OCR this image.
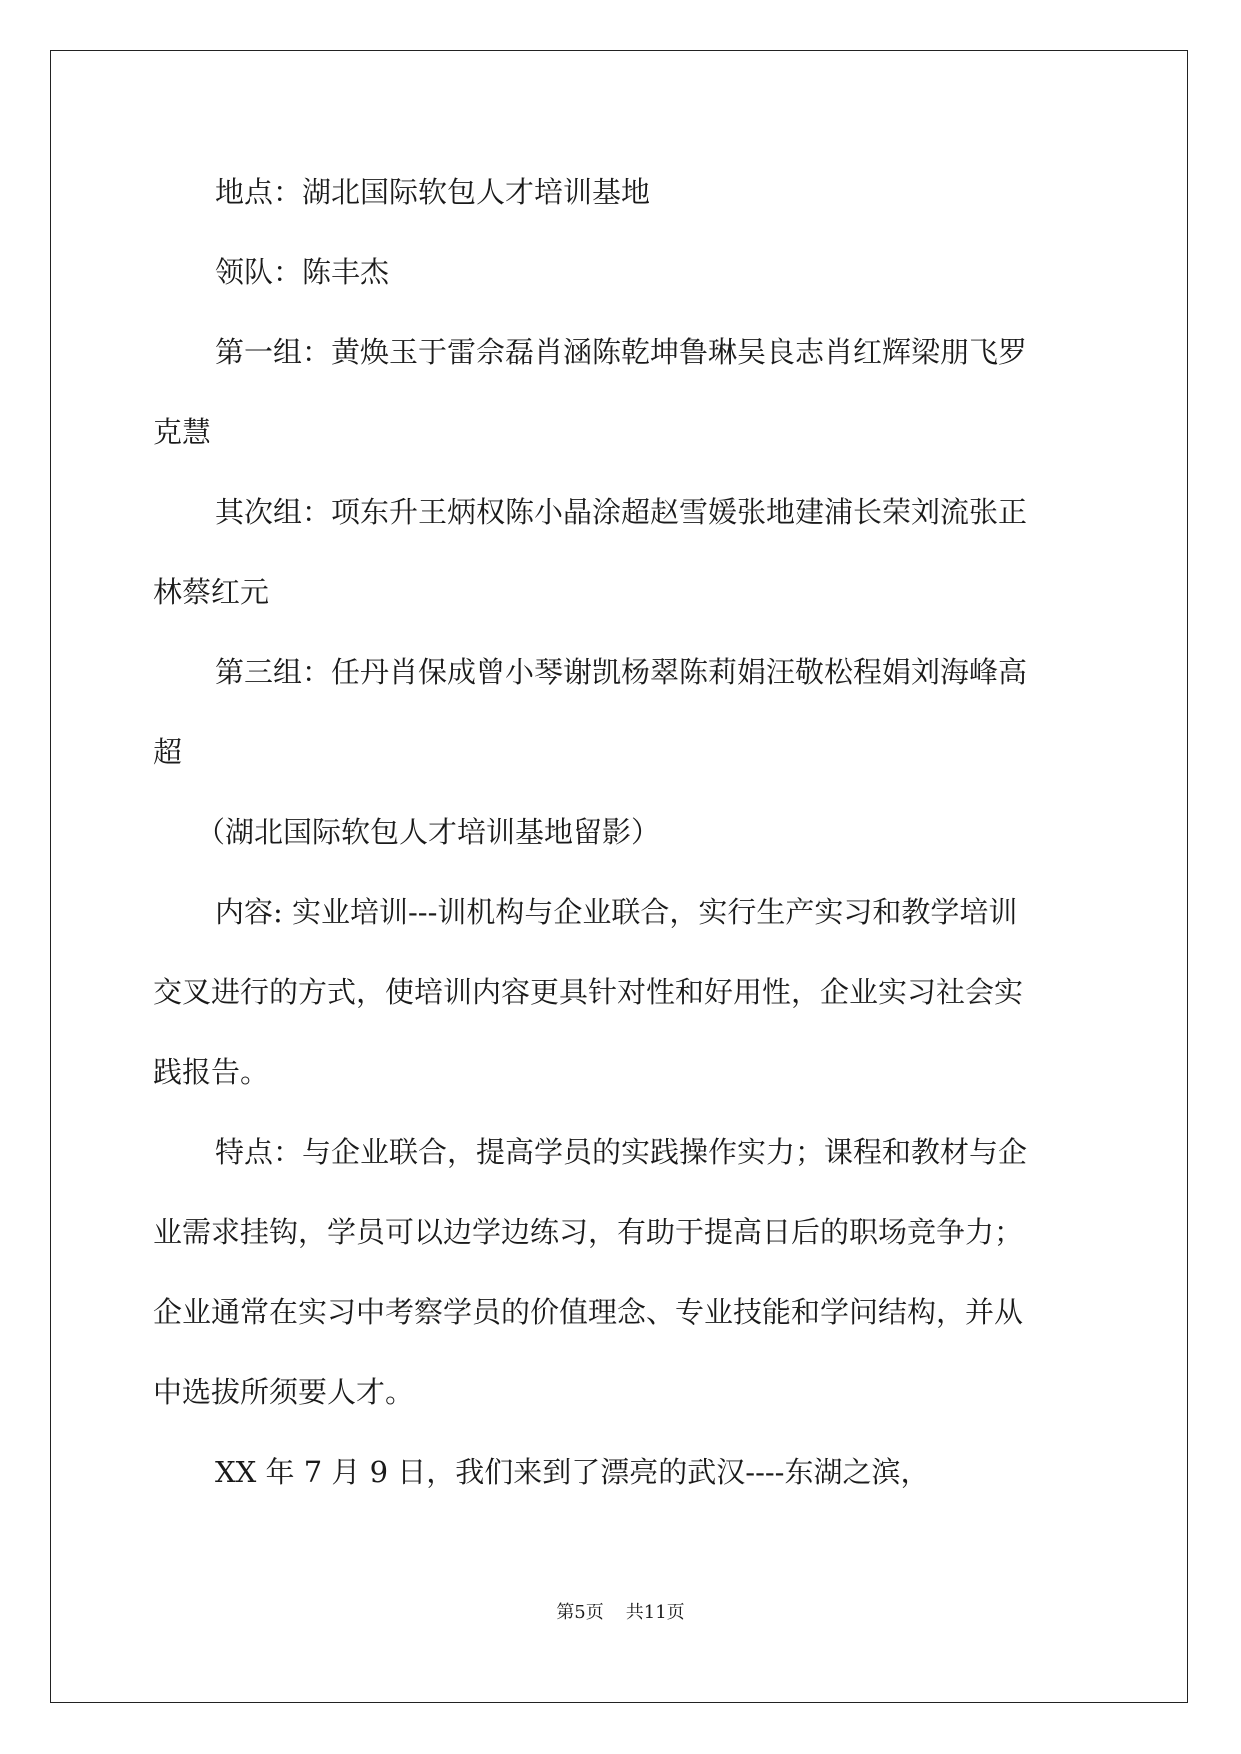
地点：湖北国际软包人才培训基地
领队：陈丰杰
第一组：黄焕玉于雷佘磊肖涵陈乾坤鲁琳吴良志肖红辉梁朋飞罗
克慧
其次组：项东升王炳权陈小晶涂超赵雪媛张地建浦长荣刘流张正
林蔡红元
第三组：任丹肖保成曾小琴谢凯杨翠陈莉娟汪敬松程娟刘海峰高
超
（湖北国际软包人才培训基地留影）
内容: 实业培训---训机构与企业联合，实行生产实习和教学培训
交叉进行的方式，使培训内容更具针对性和好用性，企业实习社会实
践报告。
特点：与企业联合，提高学员的实践操作实力；课程和教材与企
业需求挂钩，学员可以边学边练习，有助于提高日后的职场竞争力；
企业通常在实习中考察学员的价值理念、专业技能和学问结构，并从
中选拔所须要人才。
XX 年 7 月 9 日，我们来到了漂亮的武汉----东湖之滨，
第5页 共11页
